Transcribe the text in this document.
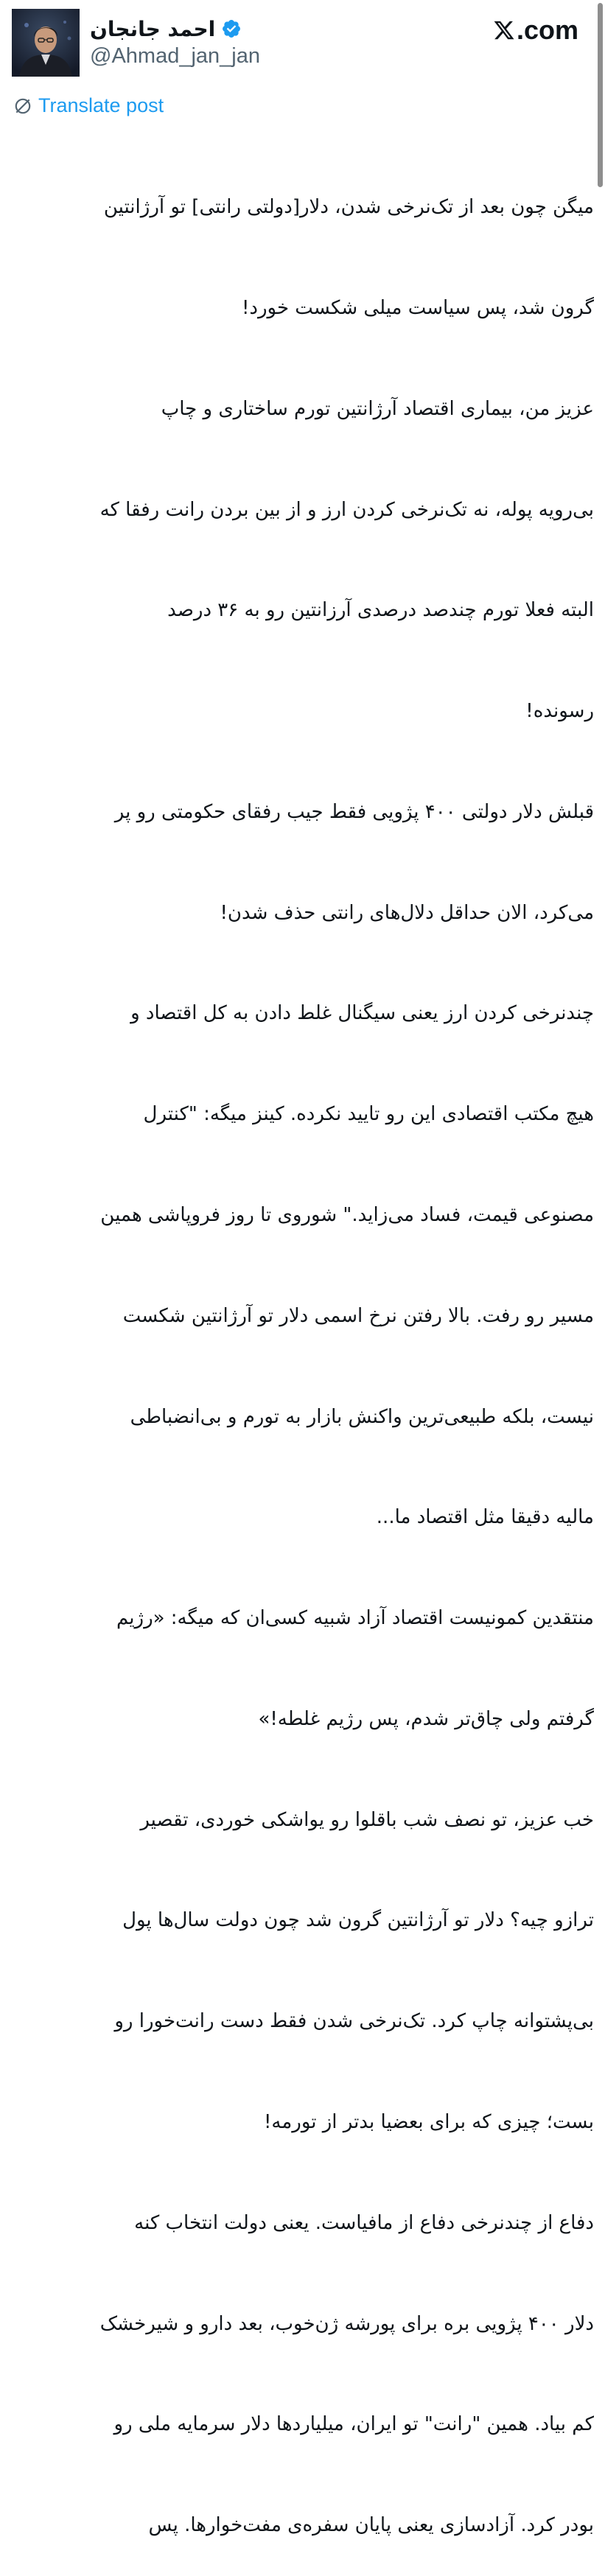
احمد جانجان
@Ahmad_jan_jan
.com
Translate post

میگن چون بعد از تک‌نرخی شدن، دلار[دولتی رانتی] تو آرژانتین

گرون شد، پس سیاست میلی شکست خورد!

عزیز من، بیماری اقتصاد آرژانتین تورم ساختاری و چاپ

بی‌رویه پوله، نه تک‌نرخی کردن ارز و از بین بردن رانت رفقا که

البته فعلا تورم چندصد درصدی آرزانتین رو به ۳۶ درصد

رسونده!

قبلش دلار دولتی ۴۰۰ پژویی فقط جیب رفقای حکومتی رو پر

می‌کرد، الان حداقل دلال‌های رانتی حذف شدن!

چندنرخی کردن ارز یعنی سیگنال غلط دادن به کل اقتصاد و

هیچ مکتب اقتصادی این رو تایید نکرده. کینز میگه: "کنترل

مصنوعی قیمت، فساد می‌زاید." شوروی تا روز فروپاشی همین

مسیر رو رفت. بالا رفتن نرخ اسمی دلار تو آرژانتین شکست

نیست، بلکه طبیعی‌ترین واکنش بازار به تورم و بی‌انضباطی

مالیه دقیقا مثل اقتصاد ما...

منتقدین کمونیست اقتصاد آزاد شبیه کسی‌ان که میگه: «رژیم

گرفتم ولی چاق‌تر شدم، پس رژیم غلطه!»

خب عزیز، تو نصف شب باقلوا رو یواشکی خوردی، تقصیر

ترازو چیه؟ دلار تو آرژانتین گرون شد چون دولت سال‌ها پول

بی‌پشتوانه چاپ کرد. تک‌نرخی شدن فقط دست رانت‌خورا رو

بست؛ چیزی که برای بعضیا بدتر از تورمه!

دفاع از چندنرخی دفاع از مافیاست. یعنی دولت انتخاب کنه

دلار ۴۰۰ پژویی بره برای پورشه ژن‌خوب، بعد دارو و شیرخشک

کم بیاد. همین "رانت" تو ایران، میلیاردها دلار سرمایه ملی رو

بودر کرد. آزادسازی یعنی پایان سفره‌ی مفت‌خوارها. پس
